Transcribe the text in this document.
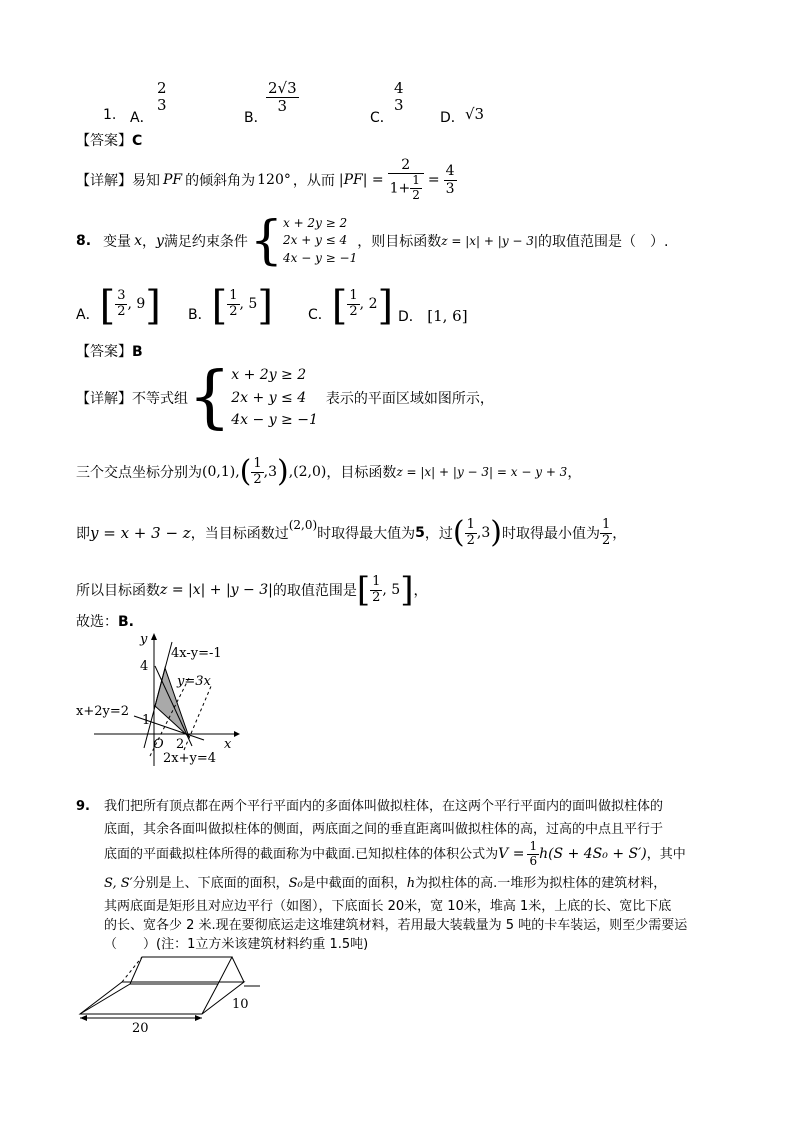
1. A．
2
3
B．
$\frac{2√3}{3}$
C．
4
3
D． √3
【答案】C
【详解】 易知 PF 的倾斜角为 120° ，从而 $|PF| = \frac{2}{1+ \frac{1}{2}} = \frac{4}{3}$
8. 变量 x ， y 满足约束条件 { x + 2y ≥ 2
2x + y ≤ 4
4x − y ≥ −1
，则目标函数 z = |x| + |y − 3| 的取值范围是（　）.
A． [ $\frac{3}{2}$ , 9 ] B． [ $\frac{1}{2}$ , 5 ]	C． [ $\frac{1}{2}$ , 2 ] D． [1, 6]
【答案】B
【详解】 不等式组 { x + 2y ≥ 2
2x + y ≤ 4
4x − y ≥ −1
表示的平面区域如图所示，
三个交点坐标分别为 (0,1), ( $\frac{1}{2} ,3$ ) ,(2,0) ，目标函数 z = |x| + |y − 3| = x − y + 3 ，
即 y = x + 3 − z ，当目标函数过
(2,0)
时取得最大值为 5 ，过 ( $\frac{1}{2} ,3$ ) 时取得最小值为 $\frac{1}{2}$ ，
所以目标函数 z = |x| + |y − 3| 的取值范围是 [ $\frac{1}{2}$ , 5 ] ，
故选：B.
y
x
4
1
2
O
4x-y=-1
y=3x
x+2y=2
2x+y=4
9. 我们把所有顶点都在两个平行平面内的多面体叫做拟柱体，在这两个平行平面内的面叫做拟柱体的
底面，其余各面叫做拟柱体的侧面，两底面之间的垂直距离叫做拟柱体的高，过高的中点且平行于
底面的平面截拟柱体所得的截面称为中截面.已知拟柱体的体积公式为 $V = \frac{1}{6} h(S + 4S_0 + S')$ ，其中
S, S′分别是上、下底面的面积，S₀是中截面的面积，h为拟柱体的高.一堆形为拟柱体的建筑材料，
其两底面是矩形且对应边平行（如图），下底面长 20米，宽 10米，堆高 1米，上底的长、宽比下底
的长、宽各少 2 米.现在要彻底运走这堆建筑材料，若用最大装载量为 5 吨的卡车装运，则至少需要运
（　　）(注：1立方米该建筑材料约重 1.5吨)
20
10
